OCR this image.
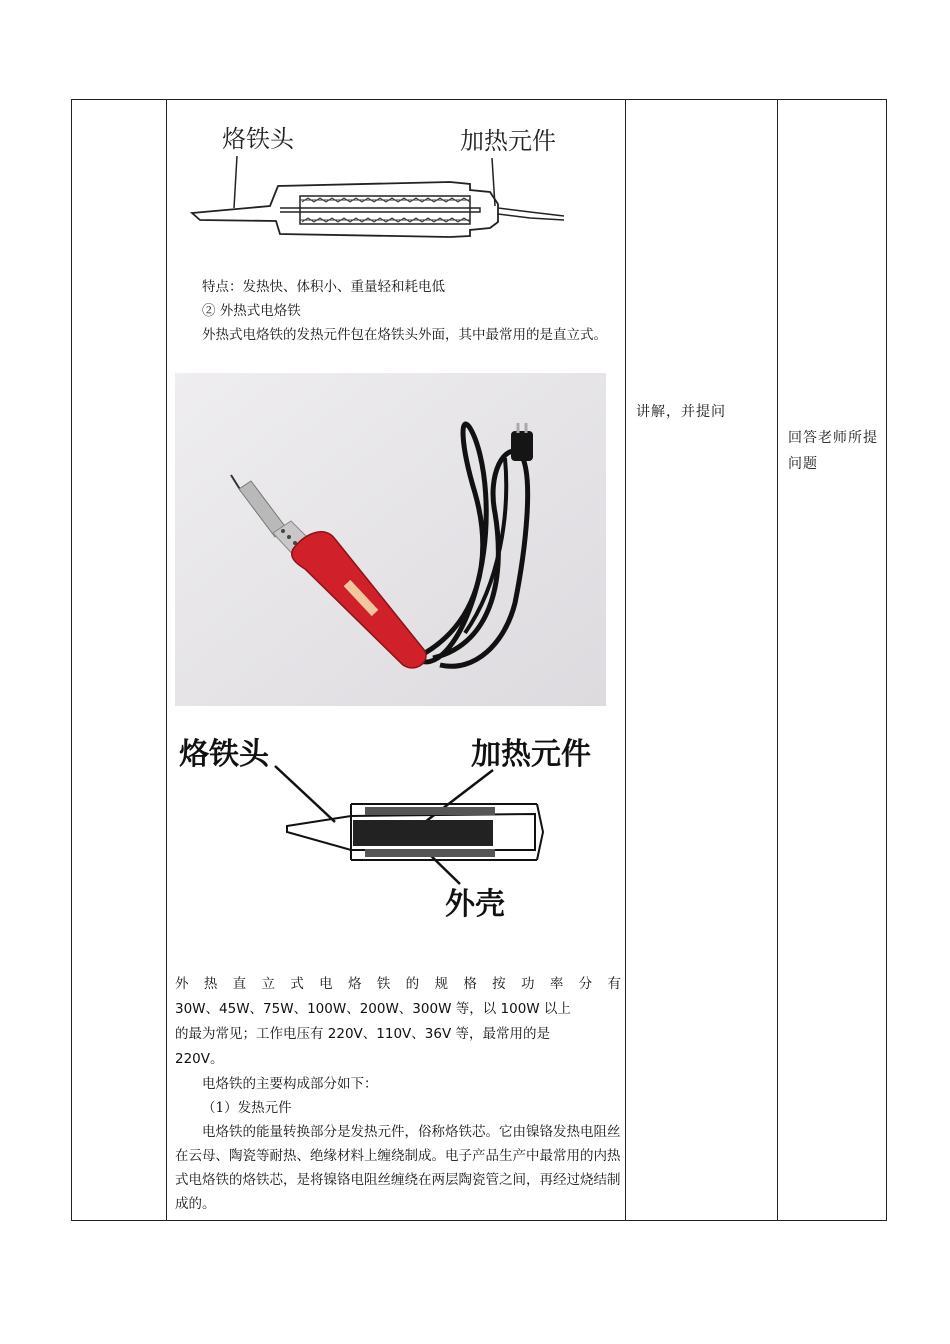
烙铁头	加热元件
特点：发热快、体积小、重量轻和耗电低
② 外热式电烙铁
外热式电烙铁的发热元件包在烙铁头外面，其中最常用的是直立式。
烙铁头	加热元件
外壳
外 热 直 立 式 电 烙 铁 的 规 格 按 功 率 分 有
30W、45W、75W、100W、200W、300W 等，以 100W 以上
的最为常见；工作电压有 220V、110V、36V 等，最常用的是
220V。
电烙铁的主要构成部分如下：
（1）发热元件
电烙铁的能量转换部分是发热元件，俗称烙铁芯。它由镍铬发热电阻丝在云母、陶瓷等耐热、绝缘材料上缠绕制成。电子产品生产中最常用的内热式电烙铁的烙铁芯，是将镍铬电阻丝缠绕在两层陶瓷管之间，再经过烧结制成的。
讲解，并提问
回答老师所提问题
